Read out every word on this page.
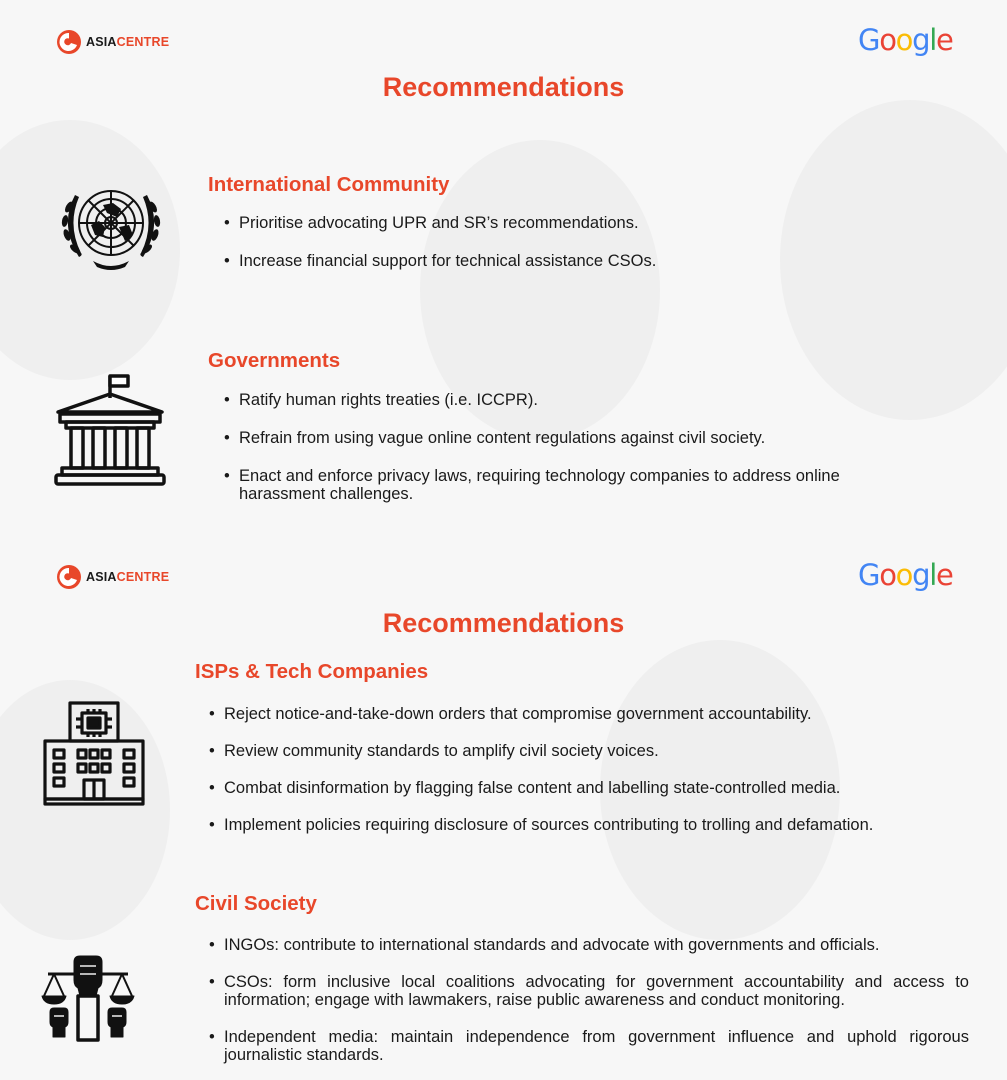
ASIA CENTRE	Google
Recommendations
International Community
• Prioritise advocating UPR and SR’s recommendations.
• Increase financial support for technical assistance CSOs.
Governments
• Ratify human rights treaties (i.e. ICCPR).
• Refrain from using vague online content regulations against civil society.
• Enact and enforce privacy laws, requiring technology companies to address online harassment challenges.
ASIA CENTRE	Google
Recommendations
ISPs & Tech Companies
• Reject notice-and-take-down orders that compromise government accountability.
• Review community standards to amplify civil society voices.
• Combat disinformation by flagging false content and labelling state-controlled media.
• Implement policies requiring disclosure of sources contributing to trolling and defamation.
Civil Society
• INGOs: contribute to international standards and advocate with governments and officials.
• CSOs: form inclusive local coalitions advocating for government accountability and access to information; engage with lawmakers, raise public awareness and conduct monitoring.
• Independent media: maintain independence from government influence and uphold rigorous journalistic standards.
